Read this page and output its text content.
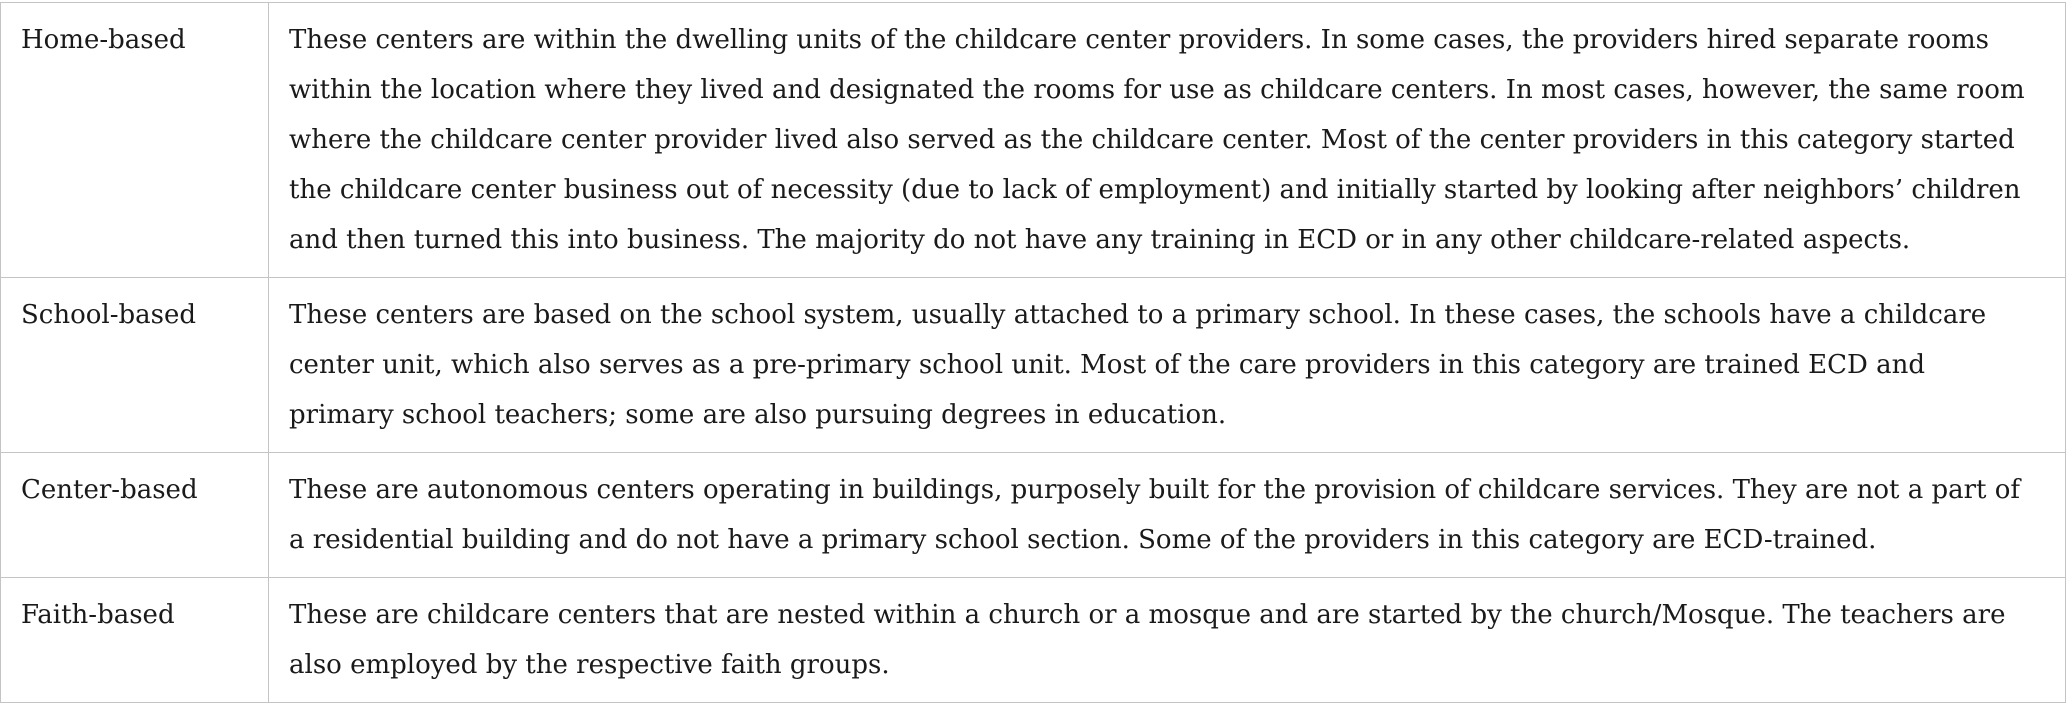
Home-based	These centers are within the dwelling units of the childcare center providers. In some cases, the providers hired separate rooms within the location where they lived and designated the rooms for use as childcare centers. In most cases, however, the same room where the childcare center provider lived also served as the childcare center. Most of the center providers in this category started the childcare center business out of necessity (due to lack of employment) and initially started by looking after neighbors’ children and then turned this into business. The majority do not have any training in ECD or in any other childcare-related aspects.
School-based	These centers are based on the school system, usually attached to a primary school. In these cases, the schools have a childcare center unit, which also serves as a pre-primary school unit. Most of the care providers in this category are trained ECD and primary school teachers; some are also pursuing degrees in education.
Center-based	These are autonomous centers operating in buildings, purposely built for the provision of childcare services. They are not a part of a residential building and do not have a primary school section. Some of the providers in this category are ECD-trained.
Faith-based	These are childcare centers that are nested within a church or a mosque and are started by the church/Mosque. The teachers are also employed by the respective faith groups.
